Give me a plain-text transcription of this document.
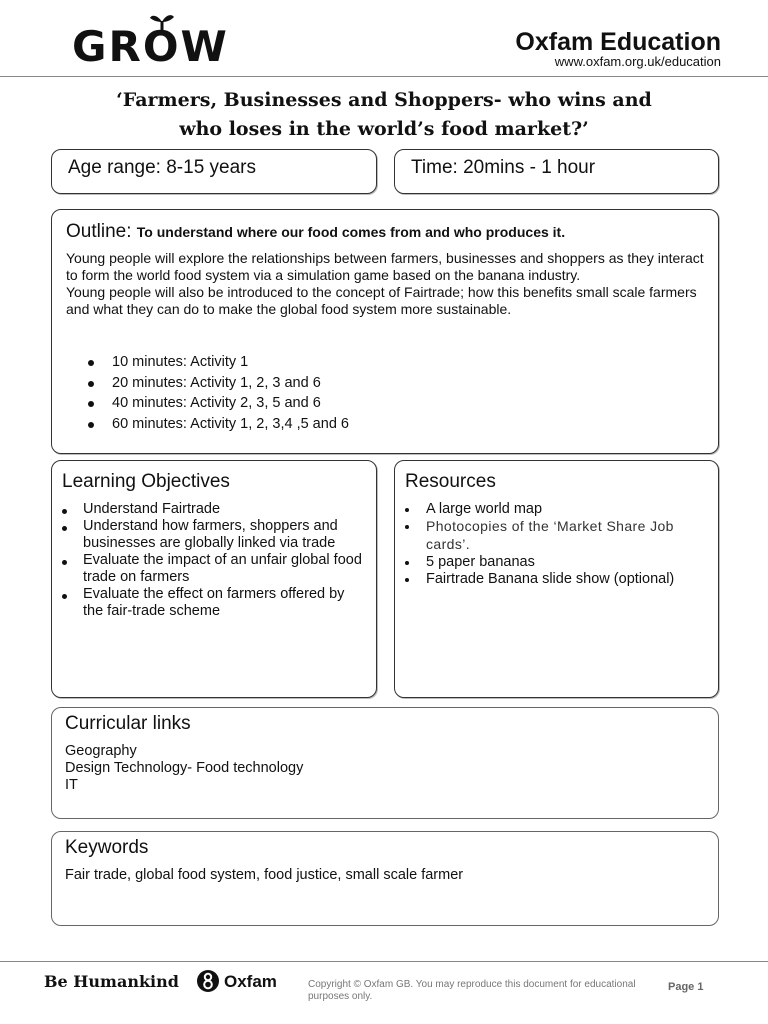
GROW	Oxfam Education
www.oxfam.org.uk/education
‘Farmers, Businesses and Shoppers- who wins and
who loses in the world’s food market?’
Age range: 8-15 years	Time: 20mins - 1 hour
Outline: To understand where our food comes from and who produces it.

Young people will explore the relationships between farmers, businesses and shoppers as they interact to form the world food system via a simulation game based on the banana industry.

Young people will also be introduced to the concept of Fairtrade; how this benefits small scale farmers and what they can do to make the global food system more sustainable.

10 minutes: Activity 1
20 minutes: Activity 1, 2, 3 and 6
40 minutes: Activity 2, 3, 5 and 6
60 minutes: Activity 1, 2, 3,4 ,5 and 6
Learning Objectives
Understand Fairtrade
Understand how farmers, shoppers and businesses are globally linked via trade
Evaluate the impact of an unfair global food trade on farmers
Evaluate the effect on farmers offered by the fair-trade scheme
Resources
A large world map
Photocopies of the ‘Market Share Job cards’.
5 paper bananas
Fairtrade Banana slide show (optional)
Curricular links
Geography
Design Technology- Food technology
IT
Keywords
Fair trade, global food system, food justice, small scale farmer
Be Humankind	Oxfam	Copyright © Oxfam GB. You may reproduce this document for educational purposes only.
Page 1
